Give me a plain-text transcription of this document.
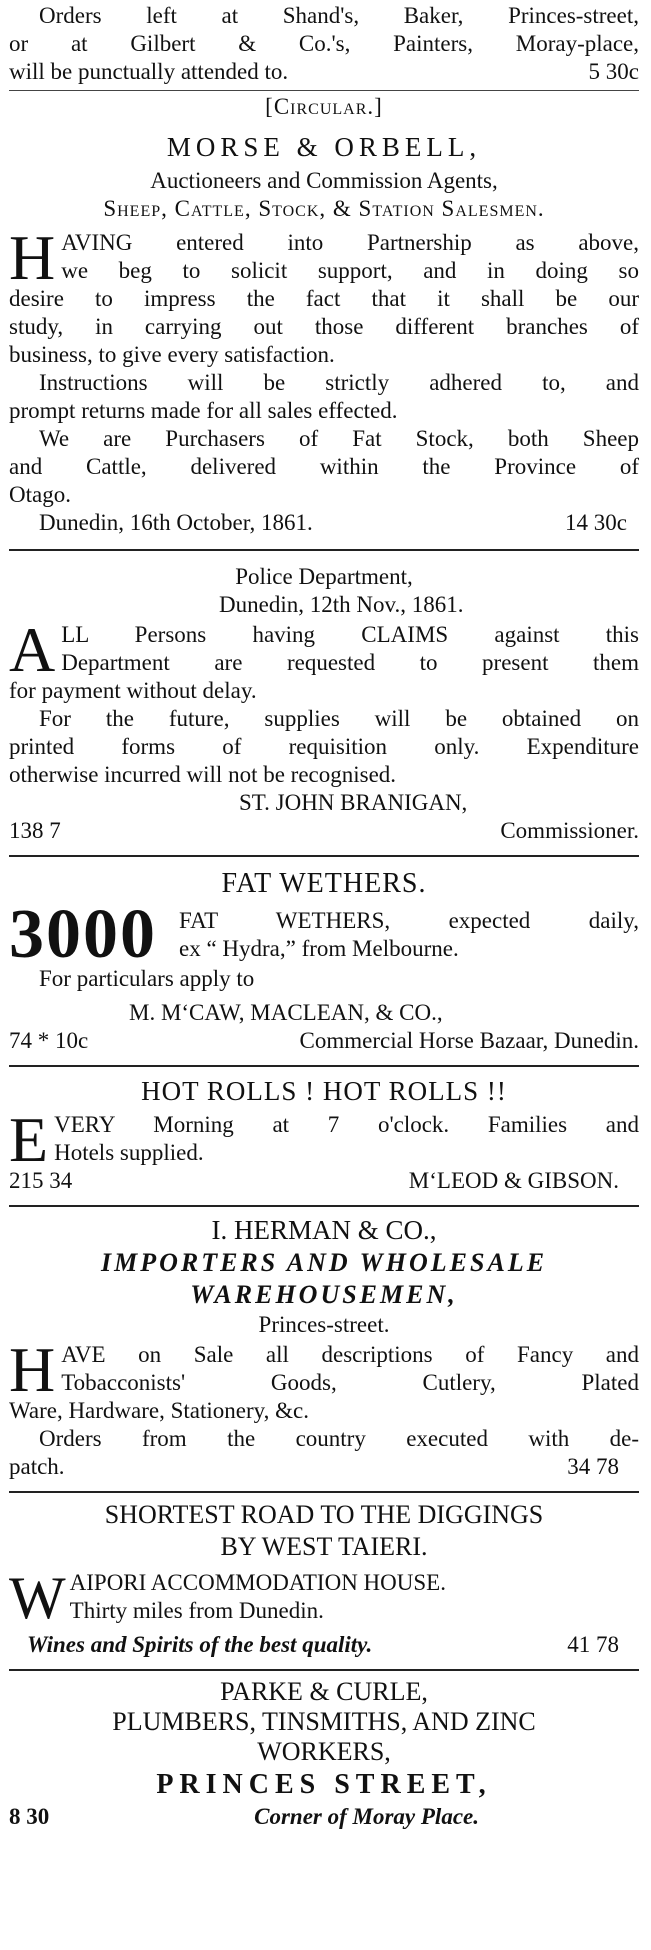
Orders left at Shand's, Baker, Princes-street,
or at Gilbert & Co.'s, Painters, Moray-place,
will be punctually attended to.	5 30c
[Circular.]
MORSE & ORBELL,
Auctioneers and Commission Agents,
Sheep, Cattle, Stock, & Station Salesmen.
H AVING entered into Partnership as above,
we beg to solicit support, and in doing so
desire to impress the fact that it shall be our
study, in carrying out those different branches of
business, to give every satisfaction.
Instructions will be strictly adhered to, and
prompt returns made for all sales effected.
We are Purchasers of Fat Stock, both Sheep
and Cattle, delivered within the Province of
Otago.
Dunedin, 16th October, 1861.	14 30c
Police Department,
Dunedin, 12th Nov., 1861.
A LL Persons having CLAIMS against this
Department are requested to present them
for payment without delay.
For the future, supplies will be obtained on
printed forms of requisition only. Expenditure
otherwise incurred will not be recognised.
ST. JOHN BRANIGAN,
138 7	Commissioner.
FAT WETHERS.
3000 FAT WETHERS, expected daily,
ex “ Hydra,” from Melbourne.
For particulars apply to
M. M‘CAW, MACLEAN, & CO.,
74 * 10c	Commercial Horse Bazaar, Dunedin.
HOT ROLLS ! HOT ROLLS !!
E VERY Morning at 7 o'clock. Families and
Hotels supplied.
215 34	M‘LEOD & GIBSON.
I. HERMAN & CO.,
IMPORTERS AND WHOLESALE
WAREHOUSEMEN,
Princes-street.
H AVE on Sale all descriptions of Fancy and
Tobacconists' Goods, Cutlery, Plated
Ware, Hardware, Stationery, &c.
Orders from the country executed with de-
patch.	34 78
SHORTEST ROAD TO THE DIGGINGS
BY WEST TAIERI.
W AIPORI ACCOMMODATION HOUSE.
Thirty miles from Dunedin.
Wines and Spirits of the best quality.	41 78
PARKE & CURLE,
PLUMBERS, TINSMITHS, AND ZINC
WORKERS,
PRINCES STREET,
8 30	Corner of Moray Place.
